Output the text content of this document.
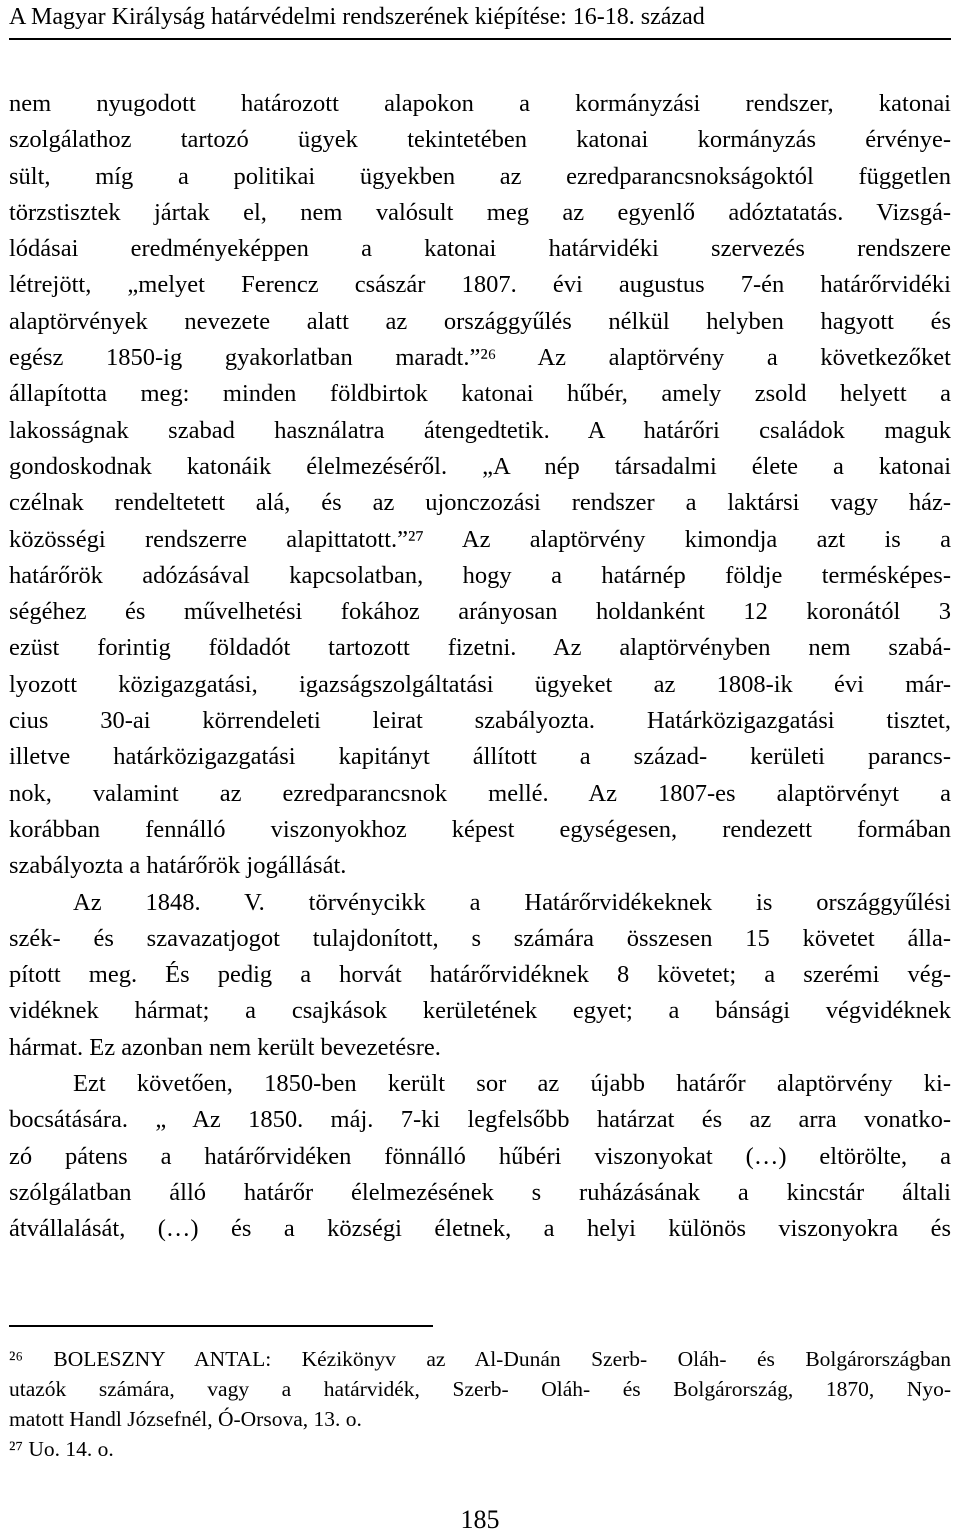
A Magyar Királyság határvédelmi rendszerének kiépítése: 16-18. század
nem nyugodott határozott alapokon a kormányzási rendszer, katonai
szolgálathoz tartozó ügyek tekintetében katonai kormányzás érvénye-
sült, míg a politikai ügyekben az ezredparancsnokságoktól független
törzstisztek jártak el, nem valósult meg az egyenlő adóztatatás. Vizsgá-
lódásai eredményeképpen a katonai határvidéki szervezés rendszere
létrejött, „melyet Ferencz császár 1807. évi augustus 7-én határőrvidéki
alaptörvények nevezete alatt az országgyűlés nélkül helyben hagyott és
egész 1850-ig gyakorlatban maradt.”²⁶ Az alaptörvény a következőket
állapította meg: minden földbirtok katonai hűbér, amely zsold helyett a
lakosságnak szabad használatra átengedtetik. A határőri családok maguk
gondoskodnak katonáik élelmezéséről. „A nép társadalmi élete a katonai
czélnak rendeltetett alá, és az ujonczozási rendszer a laktársi vagy ház-
közösségi rendszerre alapittatott.”²⁷ Az alaptörvény kimondja azt is a
határőrök adózásával kapcsolatban, hogy a határnép földje termésképes-
ségéhez és művelhetési fokához arányosan holdanként 12 koronától 3
ezüst forintig földadót tartozott fizetni. Az alaptörvényben nem szabá-
lyozott közigazgatási, igazságszolgáltatási ügyeket az 1808-ik évi már-
cius 30-ai körrendeleti leirat szabályozta. Határközigazgatási tisztet,
illetve határközigazgatási kapitányt állított a század- kerületi parancs-
nok, valamint az ezredparancsnok mellé. Az 1807-es alaptörvényt a
korábban fennálló viszonyokhoz képest egységesen, rendezett formában
szabályozta a határőrök jogállását.
Az 1848. V. törvénycikk a Határőrvidékeknek is országgyűlési
szék- és szavazatjogot tulajdonított, s számára összesen 15 követet álla-
pított meg. És pedig a horvát határőrvidéknek 8 követet; a szerémi vég-
vidéknek hármat; a csajkások kerületének egyet; a bánsági végvidéknek
hármat. Ez azonban nem került bevezetésre.
Ezt követően, 1850-ben került sor az újabb határőr alaptörvény ki-
bocsátására. „ Az 1850. máj. 7-ki legfelsőbb határzat és az arra vonatko-
zó pátens a határőrvidéken fönnálló hűbéri viszonyokat (…) eltörölte, a
szólgálatban álló határőr élelmezésének s ruházásának a kincstár általi
átvállalását, (…) és a községi életnek, a helyi különös viszonyokra és
²⁶ BOLESZNY ANTAL: Kézikönyv az Al-Dunán Szerb- Oláh- és Bolgárországban
utazók számára, vagy a határvidék, Szerb- Oláh- és Bolgárország, 1870, Nyo-
matott Handl Józsefnél, Ó-Orsova, 13. o.
²⁷ Uo. 14. o.
185
